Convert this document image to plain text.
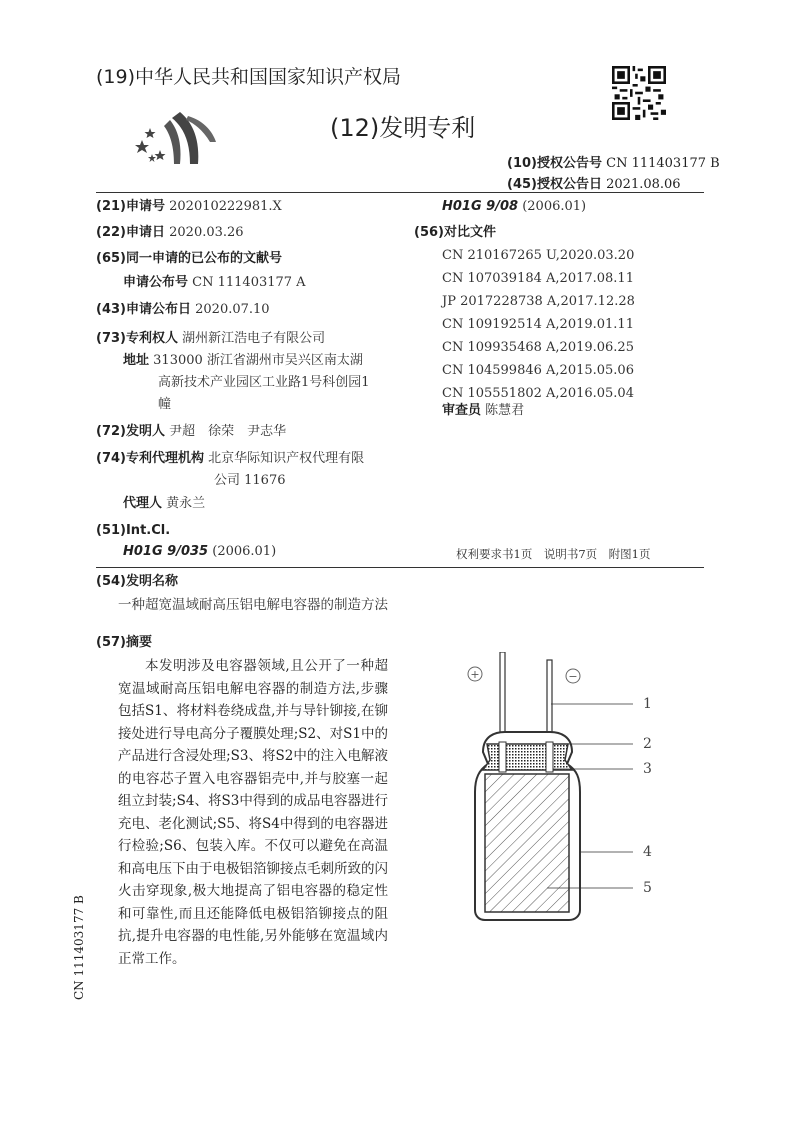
(19)中华人民共和国国家知识产权局
(12)发明专利
(10)授权公告号 CN 111403177 B
(45)授权公告日 2021.08.06
(21)申请号 202010222981.X
(22)申请日 2020.03.26
(65)同一申请的已公布的文献号
申请公布号 CN 111403177 A
(43)申请公布日 2020.07.10
(73)专利权人 湖州新江浩电子有限公司
地址 313000 浙江省湖州市吴兴区南太湖
高新技术产业园区工业路1号科创园1
幢
(72)发明人 尹超　徐荣　尹志华
(74)专利代理机构 北京华际知识产权代理有限
公司 11676
代理人 黄永兰
(51)Int.Cl.
H01G 9/035 (2006.01)
H01G 9/08 (2006.01)
(56)对比文件
CN 210167265 U,2020.03.20
CN 107039184 A,2017.08.11
JP 2017228738 A,2017.12.28
CN 109192514 A,2019.01.11
CN 109935468 A,2019.06.25
CN 104599846 A,2015.05.06
CN 105551802 A,2016.05.04
审查员 陈慧君
权利要求书1页　说明书7页　附图1页
(54)发明名称
一种超宽温域耐高压铝电解电容器的制造方法
(57)摘要
本发明涉及电容器领域,且公开了一种超宽温域耐高压铝电解电容器的制造方法,步骤包括S1、将材料卷绕成盘,并与导针铆接,在铆接处进行导电高分子覆膜处理;S2、对S1中的产品进行含浸处理;S3、将S2中的注入电解液的电容芯子置入电容器铝壳中,并与胶塞一起组立封装;S4、将S3中得到的成品电容器进行充电、老化测试;S5、将S4中得到的电容器进行检验;S6、包装入库。不仅可以避免在高温和高电压下由于电极铝箔铆接点毛刺所致的闪火击穿现象,极大地提高了铝电容器的稳定性和可靠性,而且还能降低电极铝箔铆接点的阻抗,提升电容器的电性能,另外能够在宽温域内正常工作。
+	−
1
2
3
4
5
CN 111403177 B
